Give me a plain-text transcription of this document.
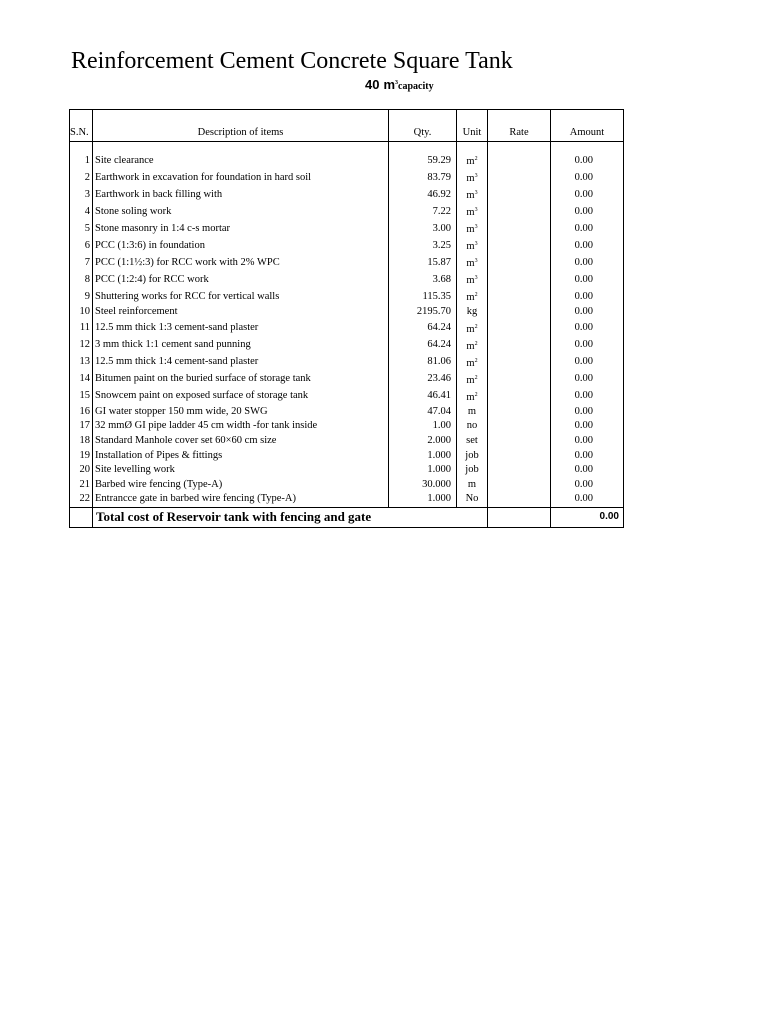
Reinforcement Cement Concrete Square Tank
40 $m^3capacity$
S.N.	Description of items	Qty.	Unit	Rate	Amount

1	Site clearance	59.29	$m^2$		0.00
2	Earthwork in excavation for foundation in hard soil	83.79	$m^3$		0.00
3	Earthwork in back filling with	46.92	$m^3$		0.00
4	Stone soling work	7.22	$m^3$		0.00
5	Stone masonry in 1:4 c-s mortar	3.00	$m^3$		0.00
6	PCC (1:3:6) in foundation	3.25	$m^3$		0.00
7	PCC (1:1½:3) for RCC work with 2% WPC	15.87	$m^3$		0.00
8	PCC (1:2:4) for RCC work	3.68	$m^3$		0.00
9	Shuttering works for RCC for vertical walls	115.35	$m^2$		0.00
10	Steel reinforcement	2195.70	kg		0.00
11	12.5 mm thick 1:3 cement-sand plaster	64.24	$m^2$		0.00
12	3 mm thick 1:1 cement sand punning	64.24	$m^2$		0.00
13	12.5 mm thick 1:4 cement-sand plaster	81.06	$m^2$		0.00
14	Bitumen paint on the buried surface of storage tank	23.46	$m^2$		0.00
15	Snowcem paint on exposed surface of storage tank	46.41	$m^2$		0.00
16	GI water stopper 150 mm wide, 20 SWG	47.04	m		0.00
17	32 mmØ GI pipe ladder 45 cm width -for tank inside	1.00	no		0.00
18	Standard Manhole cover set 60×60 cm size	2.000	set		0.00
19	Installation of Pipes & fittings	1.000	job		0.00
20	Site levelling work	1.000	job		0.00
21	Barbed wire fencing (Type-A)	30.000	m		0.00
22	Entrancce gate in barbed wire fencing (Type-A)	1.000	No		0.00
	Total cost of Reservoir tank with fencing and gate				0.00
